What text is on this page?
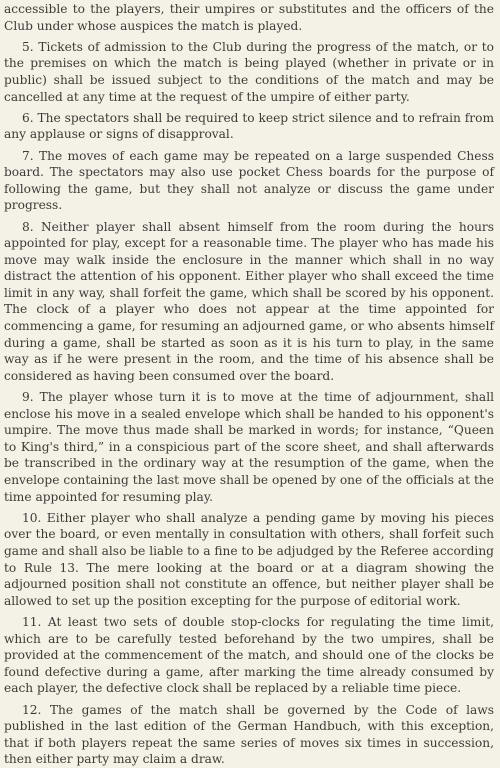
accessible to the players, their umpires or substitutes and the officers of the Club under whose auspices the match is played.

5. Tickets of admission to the Club during the progress of the match, or to the premises on which the match is being played (whether in private or in public) shall be issued subject to the conditions of the match and may be cancelled at any time at the request of the umpire of either party.

6. The spectators shall be required to keep strict silence and to refrain from any applause or signs of disapproval.

7. The moves of each game may be repeated on a large suspended Chess board. The spectators may also use pocket Chess boards for the purpose of following the game, but they shall not analyze or discuss the game under progress.

8. Neither player shall absent himself from the room during the hours appointed for play, except for a reasonable time. The player who has made his move may walk inside the enclosure in the manner which shall in no way distract the attention of his opponent. Either player who shall exceed the time limit in any way, shall forfeit the game, which shall be scored by his opponent. The clock of a player who does not appear at the time appointed for commencing a game, for resuming an adjourned game, or who absents himself during a game, shall be started as soon as it is his turn to play, in the same way as if he were present in the room, and the time of his absence shall be considered as having been consumed over the board.

9. The player whose turn it is to move at the time of adjournment, shall enclose his move in a sealed envelope which shall be handed to his opponent's umpire. The move thus made shall be marked in words; for instance, “Queen to King's third,” in a conspicious part of the score sheet, and shall afterwards be transcribed in the ordinary way at the resumption of the game, when the envelope containing the last move shall be opened by one of the officials at the time appointed for resuming play.

10. Either player who shall analyze a pending game by moving his pieces over the board, or even mentally in consultation with others, shall forfeit such game and shall also be liable to a fine to be adjudged by the Referee according to Rule 13. The mere looking at the board or at a diagram showing the adjourned position shall not constitute an offence, but neither player shall be allowed to set up the position excepting for the purpose of editorial work.

11. At least two sets of double stop-clocks for regulating the time limit, which are to be carefully tested beforehand by the two umpires, shall be provided at the commencement of the match, and should one of the clocks be found defective during a game, after marking the time already consumed by each player, the defective clock shall be replaced by a reliable time piece.

12. The games of the match shall be governed by the Code of laws published in the last edition of the German Handbuch, with this exception, that if both players repeat the same series of moves six times in succession, then either party may claim a draw.
